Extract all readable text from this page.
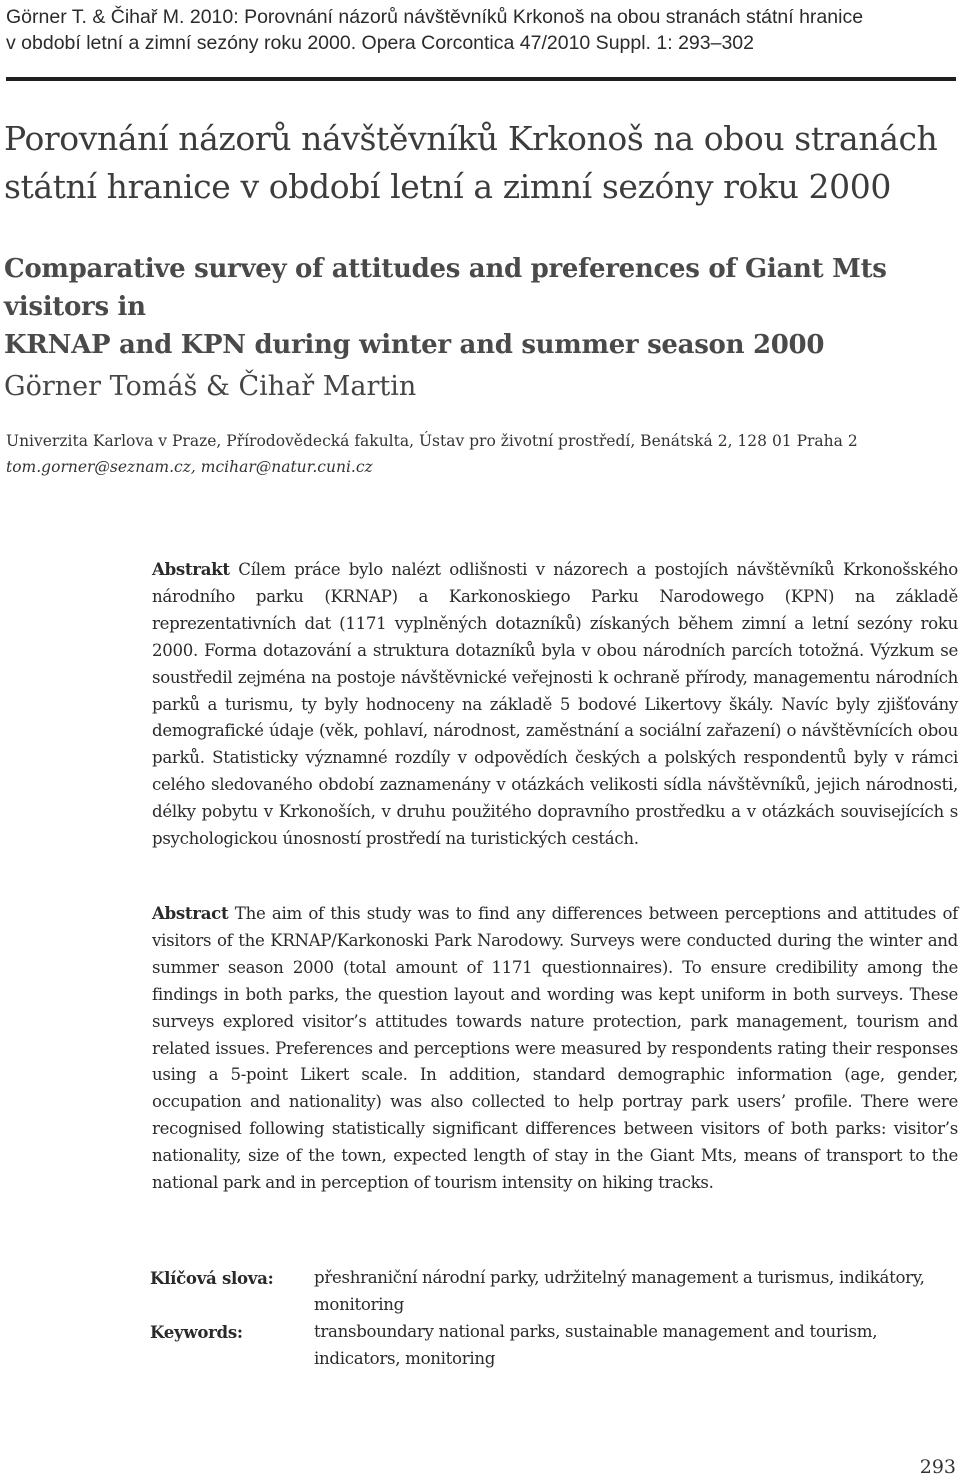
Görner T. & Čihař M. 2010: Porovnání názorů návštěvníků Krkonoš na obou stranách státní hranice
v období letní a zimní sezóny roku 2000. Opera Corcontica 47/2010 Suppl. 1: 293–302
Porovnání názorů návštěvníků Krkonoš na obou stranách
státní hranice v období letní a zimní sezóny roku 2000
Comparative survey of attitudes and preferences of Giant Mts visitors in
KRNAP and KPN during winter and summer season 2000
Görner Tomáš & Čihař Martin
Univerzita Karlova v Praze, Přírodovědecká fakulta, Ústav pro životní prostředí, Benátská 2, 128 01 Praha 2
tom.gorner@seznam.cz, mcihar@natur.cuni.cz

Abstrakt Cílem práce bylo nalézt odlišnosti v názorech a postojích návštěvníků Krkonošského národního parku (KRNAP) a Karkonoskiego Parku Narodowego (KPN) na základě reprezentativních dat (1171 vyplněných dotazníků) získaných během zimní a letní sezóny roku 2000. Forma dotazování a struktura dotazníků byla v obou národních parcích totožná. Výzkum se soustředil zejména na postoje návštěvnické veřejnosti k ochraně přírody, managementu národních parků a turismu, ty byly hodnoceny na základě 5 bodové Likertovy škály. Navíc byly zjišťovány demografické údaje (věk, pohlaví, národnost, zaměstnání a sociální zařazení) o návštěvnících obou parků. Statisticky významné rozdíly v odpovědích českých a polských respondentů byly v rámci celého sledovaného období zaznamenány v otázkách velikosti sídla návštěvníků, jejich národnosti, délky pobytu v Krkonoších, v druhu použitého dopravního prostředku a v otázkách souvisejících s psychologickou únosností prostředí na turistických cestách.

Abstract The aim of this study was to find any differences between perceptions and attitudes of visitors of the KRNAP/Karkonoski Park Narodowy. Surveys were conducted during the winter and summer season 2000 (total amount of 1171 questionnaires). To ensure credibility among the findings in both parks, the question layout and wording was kept uniform in both surveys. These surveys explored visitor’s attitudes towards nature protection, park management, tourism and related issues. Preferences and perceptions were measured by respondents rating their responses using a 5-point Likert scale. In addition, standard demographic information (age, gender, occupation and nationality) was also collected to help portray park users’ profile. There were recognised following statistically significant differences between visitors of both parks: visitor’s nationality, size of the town, expected length of stay in the Giant Mts, means of transport to the national park and in perception of tourism intensity on hiking tracks.

Klíčová slova: přeshraniční národní parky, udržitelný management a turismus, indikátory, monitoring
Keywords:	transboundary national parks, sustainable management and tourism, indicators, monitoring
293
